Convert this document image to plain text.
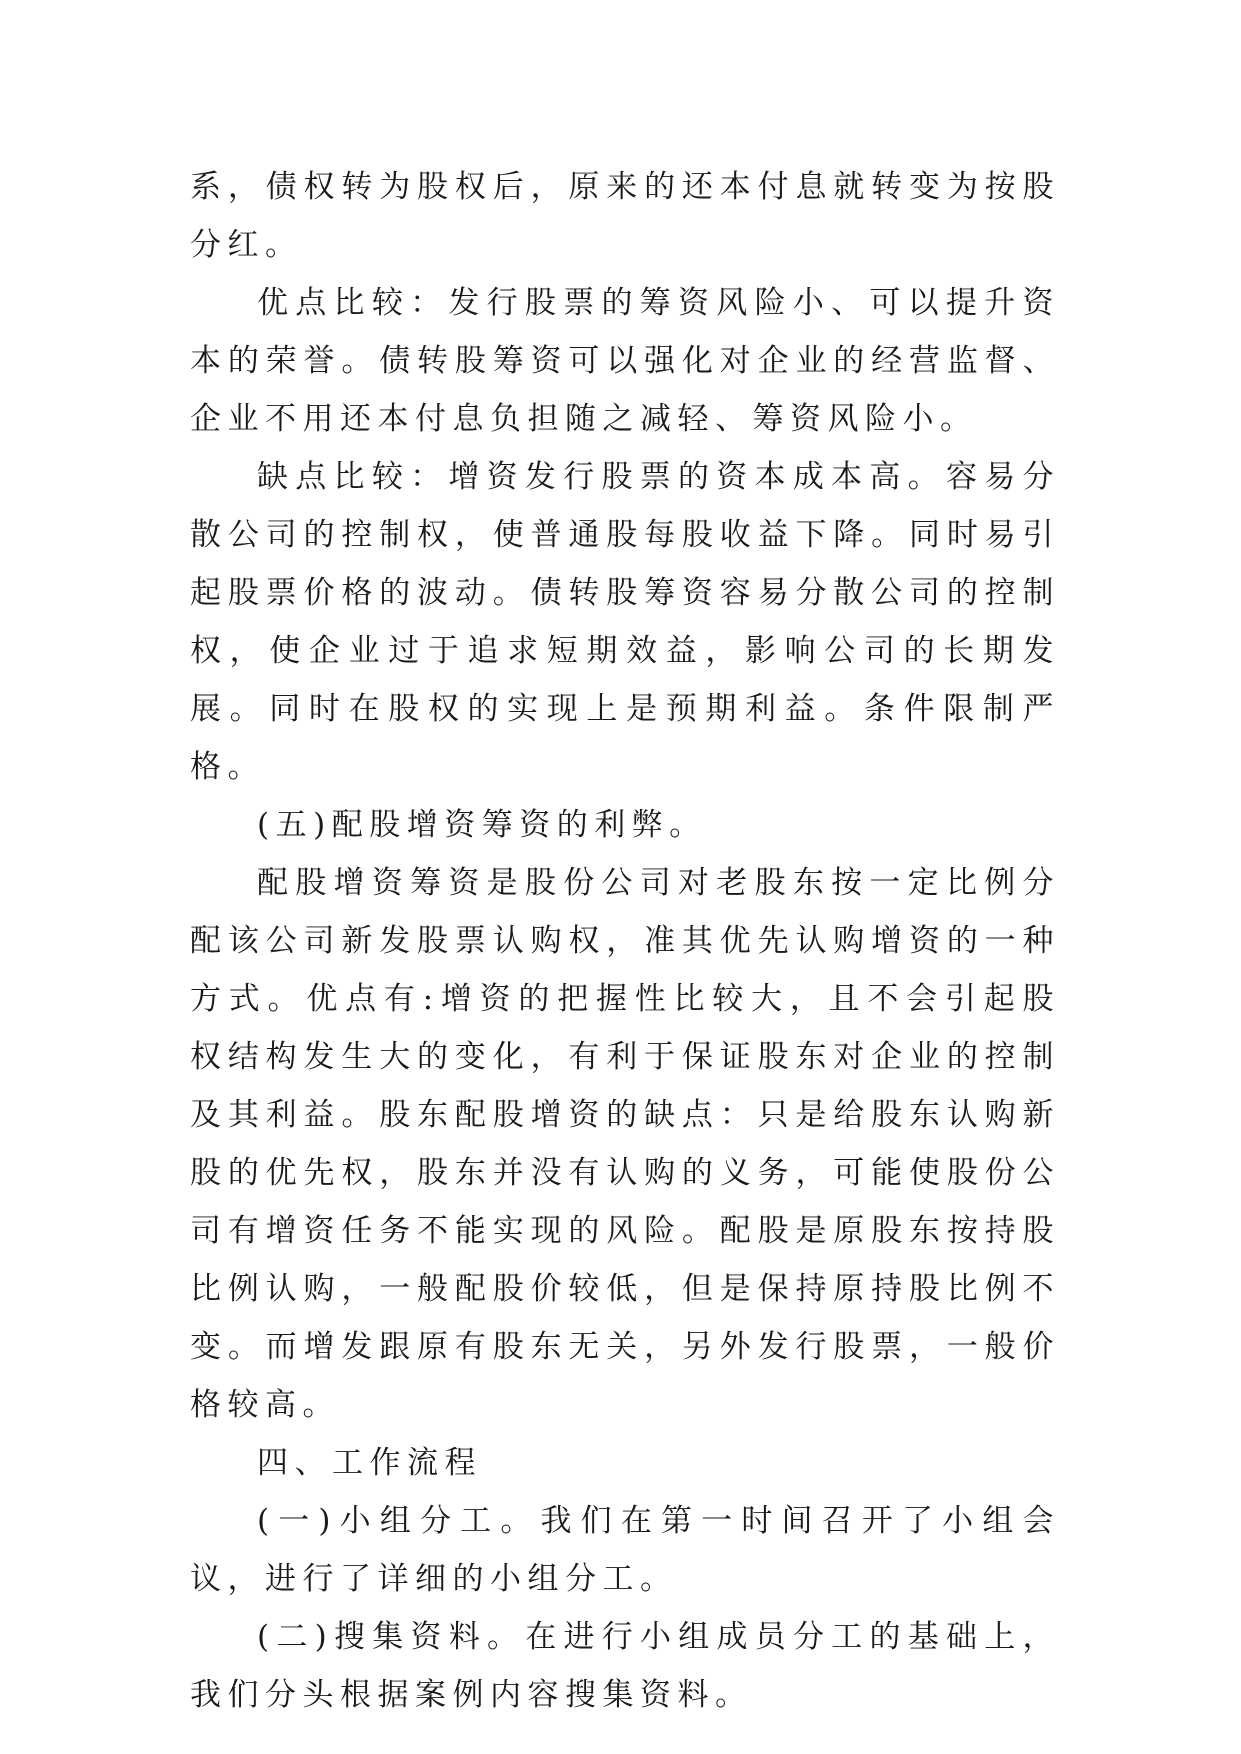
系，债权转为股权后，原来的还本付息就转变为按股分红。

优点比较：发行股票的筹资风险小、可以提升资本的荣誉。债转股筹资可以强化对企业的经营监督、企业不用还本付息负担随之减轻、筹资风险小。

缺点比较：增资发行股票的资本成本高。容易分散公司的控制权，使普通股每股收益下降。同时易引起股票价格的波动。债转股筹资容易分散公司的控制权，使企业过于追求短期效益，影响公司的长期发展。同时在股权的实现上是预期利益。条件限制严格。

(五)配股增资筹资的利弊。

配股增资筹资是股份公司对老股东按一定比例分配该公司新发股票认购权，准其优先认购增资的一种方式。优点有:增资的把握性比较大，且不会引起股权结构发生大的变化，有利于保证股东对企业的控制及其利益。股东配股增资的缺点：只是给股东认购新股的优先权，股东并没有认购的义务，可能使股份公司有增资任务不能实现的风险。配股是原股东按持股比例认购，一般配股价较低，但是保持原持股比例不变。而增发跟原有股东无关，另外发行股票，一般价格较高。

四、工作流程

(一)小组分工。我们在第一时间召开了小组会议，进行了详细的小组分工。

(二)搜集资料。在进行小组成员分工的基础上，我们分头根据案例内容搜集资料。
